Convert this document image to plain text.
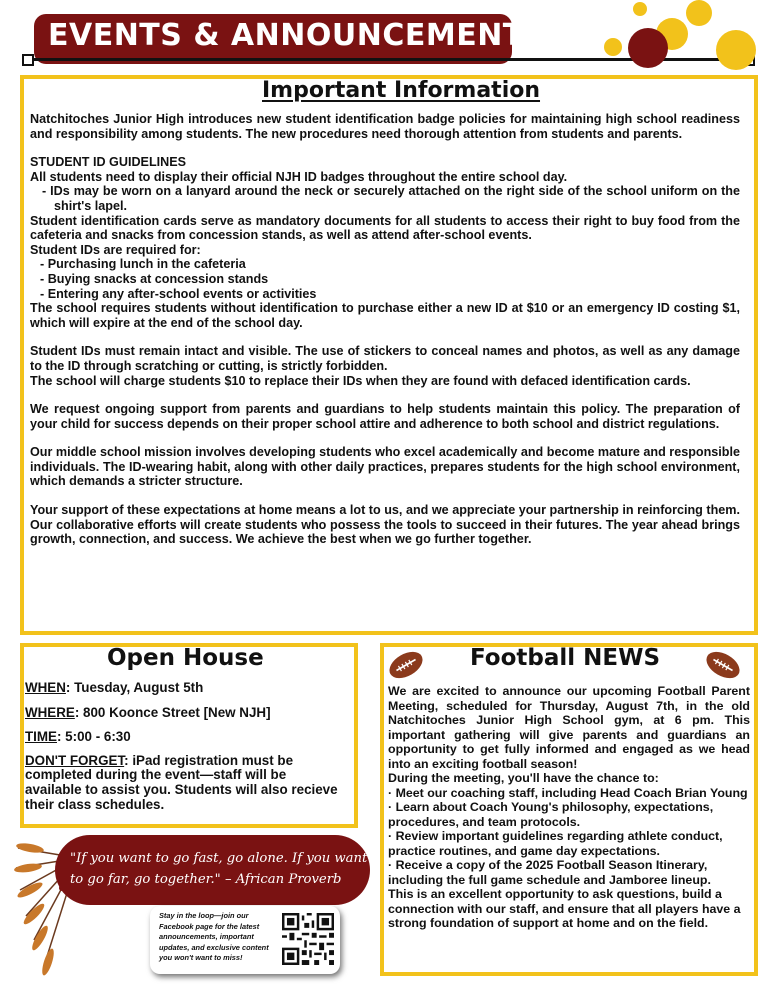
EVENTS & ANNOUNCEMENTS
Important Information

Natchitoches Junior High introduces new student identification badge policies for maintaining high school readiness and responsibility among students. The new procedures need thorough attention from students and parents.

STUDENT ID GUIDELINES

All students need to display their official NJH ID badges throughout the entire school day.

- IDs may be worn on a lanyard around the neck or securely attached on the right side of the school uniform on the shirt's lapel.

Student identification cards serve as mandatory documents for all students to access their right to buy food from the cafeteria and snacks from concession stands, as well as attend after-school events.

Student IDs are required for:

- Purchasing lunch in the cafeteria

- Buying snacks at concession stands

- Entering any after-school events or activities

The school requires students without identification to purchase either a new ID at $10 or an emergency ID costing $1, which will expire at the end of the school day.

Student IDs must remain intact and visible. The use of stickers to conceal names and photos, as well as any damage to the ID through scratching or cutting, is strictly forbidden.

The school will charge students $10 to replace their IDs when they are found with defaced identification cards.

We request ongoing support from parents and guardians to help students maintain this policy. The preparation of your child for success depends on their proper school attire and adherence to both school and district regulations.

Our middle school mission involves developing students who excel academically and become mature and responsible individuals. The ID-wearing habit, along with other daily practices, prepares students for the high school environment, which demands a stricter structure.

Your support of these expectations at home means a lot to us, and we appreciate your partnership in reinforcing them. Our collaborative efforts will create students who possess the tools to succeed in their futures. The year ahead brings growth, connection, and success. We achieve the best when we go further together.

Open House

WHEN: Tuesday, August 5th

WHERE: 800 Koonce Street [New NJH]

TIME: 5:00 - 6:30

DON'T FORGET: iPad registration must be completed during the event—staff will be available to assist you. Students will also recieve their class schedules.

"If you want to go fast, go alone. If you want to go far, go together." – African Proverb
Stay in the loop—join our Facebook page for the latest announcements, important updates, and exclusive content you won't want to miss!
Football NEWS

We are excited to announce our upcoming Football Parent Meeting, scheduled for Thursday, August 7th, in the old Natchitoches Junior High School gym, at 6 pm. This important gathering will give parents and guardians an opportunity to get fully informed and engaged as we head into an exciting football season!

During the meeting, you'll have the chance to:

· Meet our coaching staff, including Head Coach Brian Young

· Learn about Coach Young's philosophy, expectations, procedures, and team protocols.

· Review important guidelines regarding athlete conduct, practice routines, and game day expectations.

· Receive a copy of the 2025 Football Season Itinerary, including the full game schedule and Jamboree lineup.

This is an excellent opportunity to ask questions, build a connection with our staff, and ensure that all players have a strong foundation of support at home and on the field.
